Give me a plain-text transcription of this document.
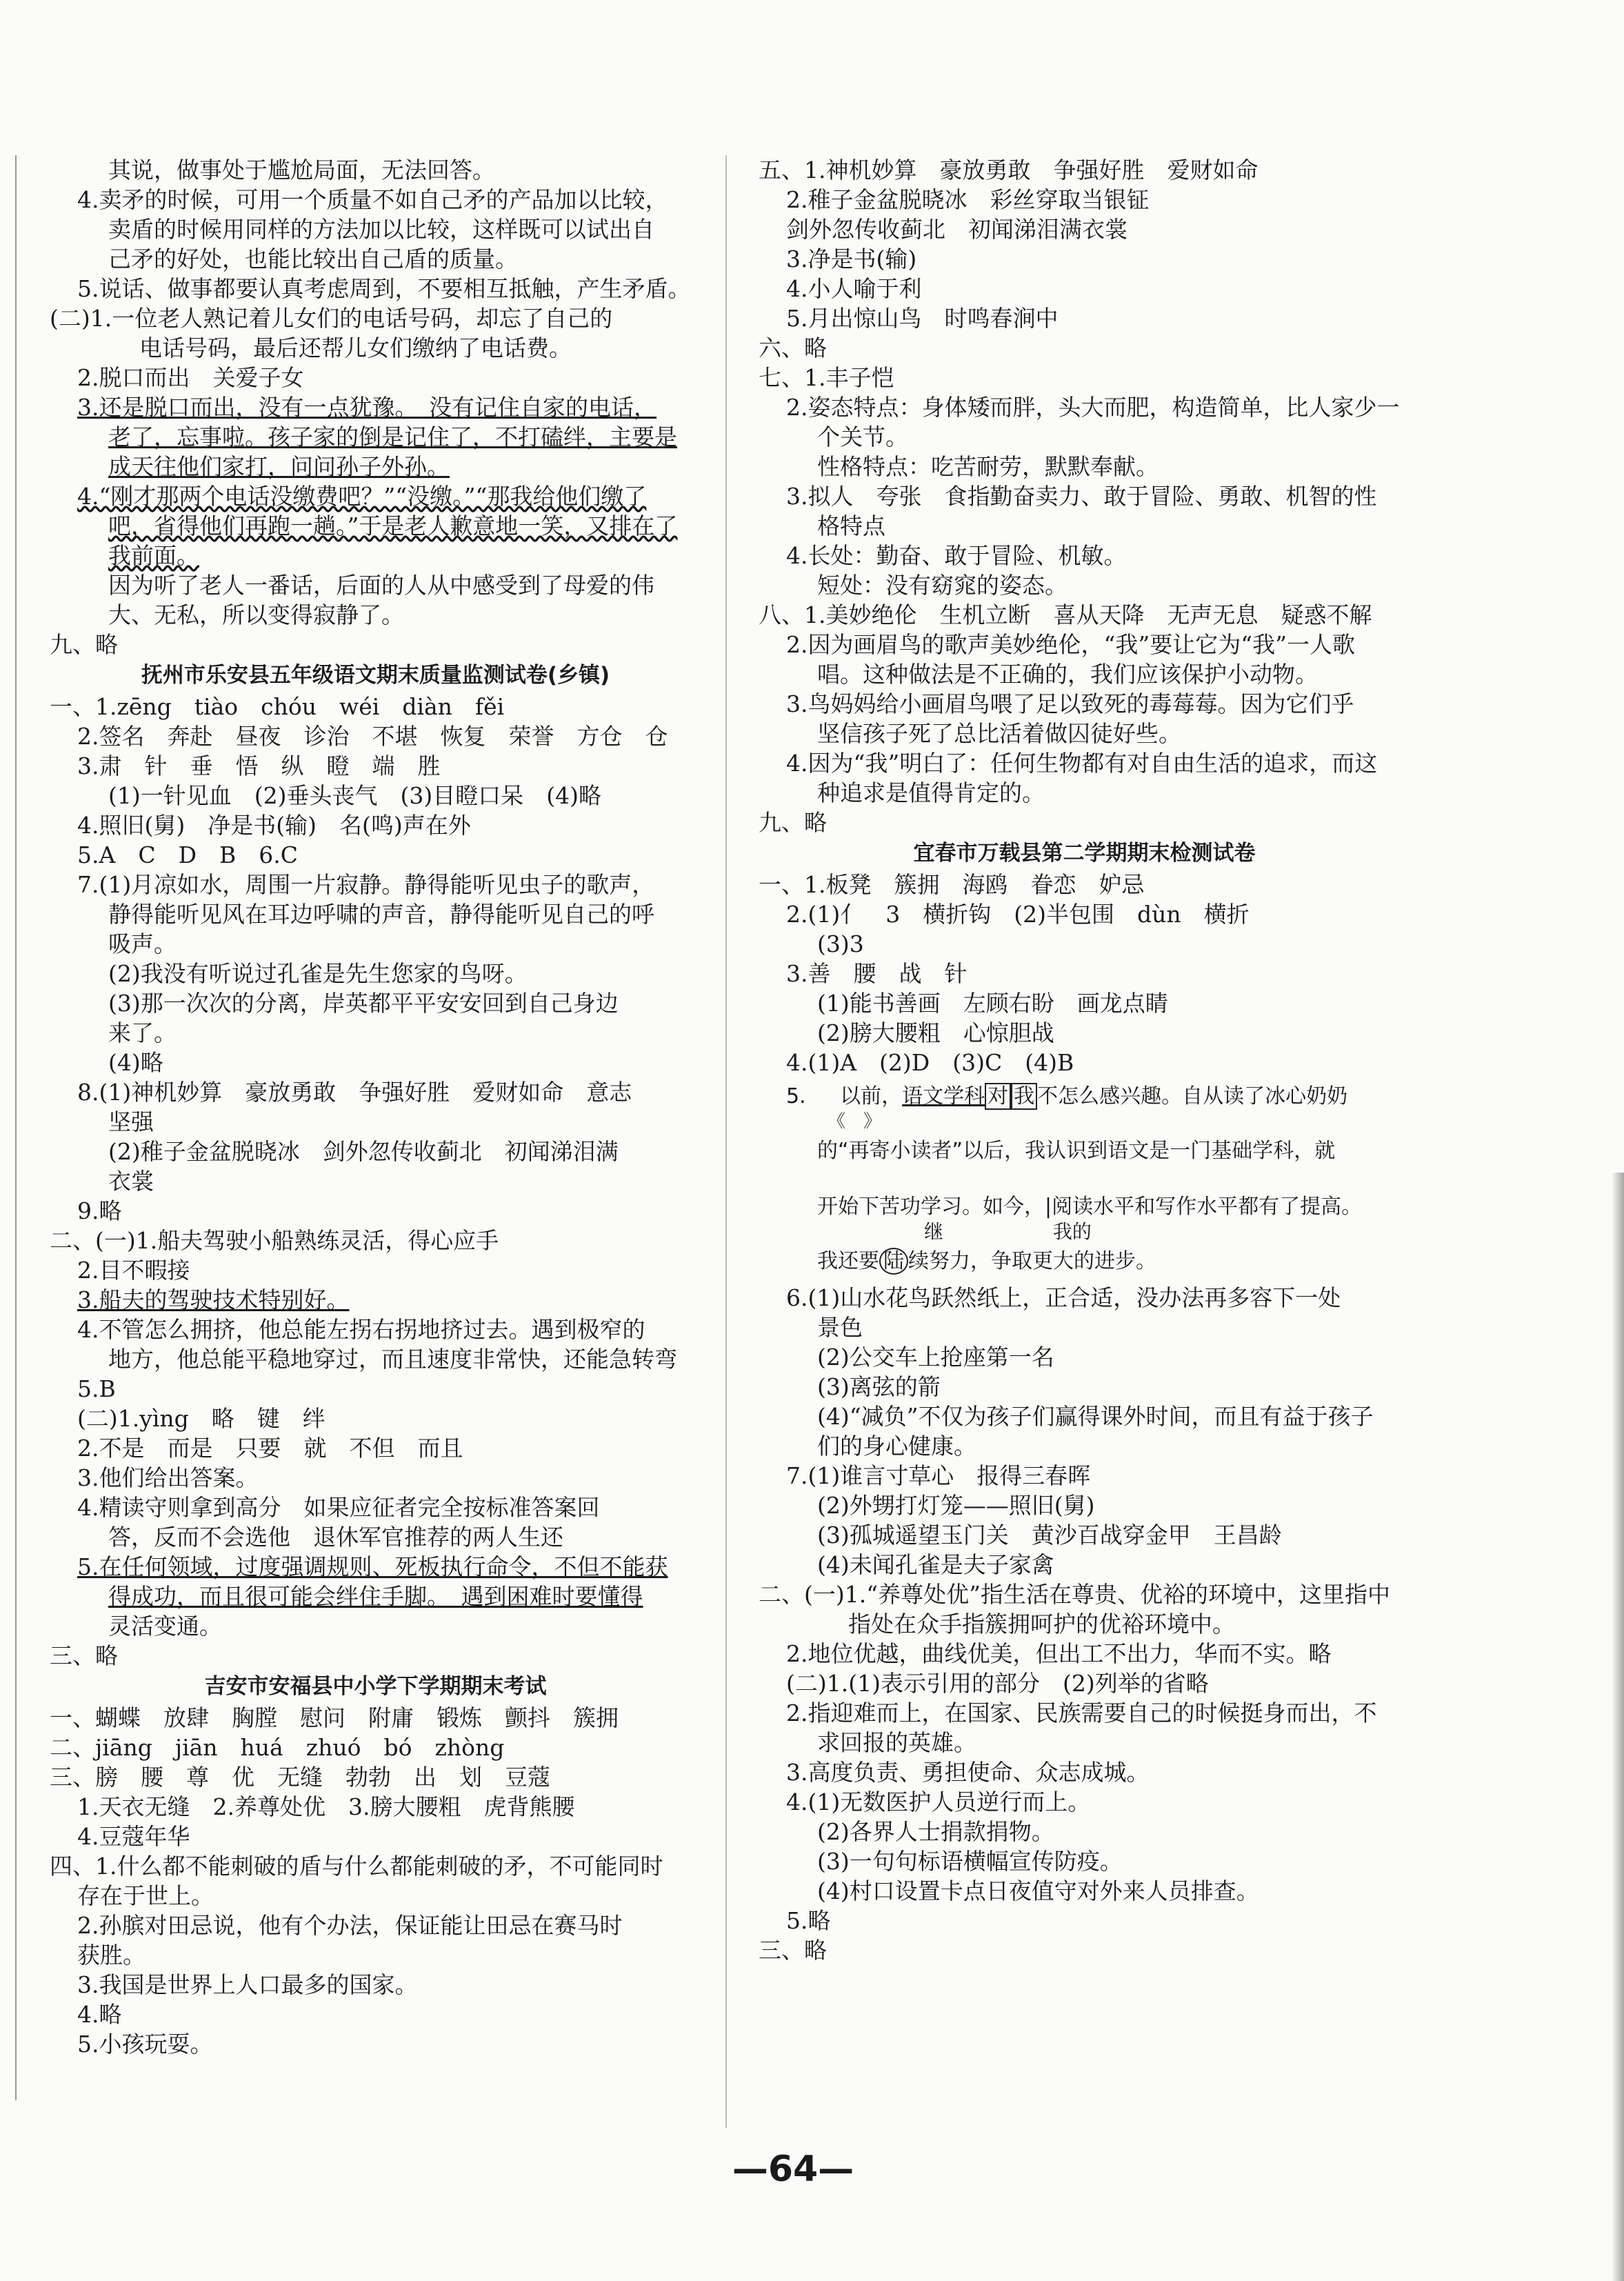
其说，做事处于尴尬局面，无法回答。
4.卖矛的时候，可用一个质量不如自己矛的产品加以比较，
卖盾的时候用同样的方法加以比较，这样既可以试出自
己矛的好处，也能比较出自己盾的质量。
5.说话、做事都要认真考虑周到，不要相互抵触，产生矛盾。
(二)1.一位老人熟记着儿女们的电话号码，却忘了自己的
电话号码，最后还帮儿女们缴纳了电话费。
2.脱口而出　关爱子女
3.还是脱口而出，没有一点犹豫。　没有记住自家的电话，
老了，忘事啦。孩子家的倒是记住了，不打磕绊，主要是
成天往他们家打，问问孙子外孙。
4.“刚才那两个电话没缴费吧？”“没缴。”“那我给他们缴了
吧，省得他们再跑一趟。”于是老人歉意地一笑，又排在了
我前面。
因为听了老人一番话，后面的人从中感受到了母爱的伟
大、无私，所以变得寂静了。
九、略
抚州市乐安县五年级语文期末质量监测试卷(乡镇)
一、1.zēng　tiào　chóu　wéi　diàn　fěi
2.签名　奔赴　昼夜　诊治　不堪　恢复　荣誉　方仓　仓
3.肃　针　垂　悟　纵　瞪　端　胜
(1)一针见血　(2)垂头丧气　(3)目瞪口呆　(4)略
4.照旧(舅)　净是书(输)　名(鸣)声在外
5.A　C　D　B　6.C
7.(1)月凉如水，周围一片寂静。静得能听见虫子的歌声，
静得能听见风在耳边呼啸的声音，静得能听见自己的呼
吸声。
(2)我没有听说过孔雀是先生您家的鸟呀。
(3)那一次次的分离，岸英都平平安安回到自己身边
来了。
(4)略
8.(1)神机妙算　豪放勇敢　争强好胜　爱财如命　意志
坚强
(2)稚子金盆脱晓冰　剑外忽传收蓟北　初闻涕泪满
衣裳
9.略
二、(一)1.船夫驾驶小船熟练灵活，得心应手
2.目不暇接
3.船夫的驾驶技术特别好。
4.不管怎么拥挤，他总能左拐右拐地挤过去。遇到极窄的
地方，他总能平稳地穿过，而且速度非常快，还能急转弯
5.B
(二)1.yìng　略　键　绊
2.不是　而是　只要　就　不但　而且
3.他们给出答案。
4.精读守则拿到高分　如果应征者完全按标准答案回
答，反而不会选他　退休军官推荐的两人生还
5.在任何领域，过度强调规则、死板执行命令，不但不能获
得成功，而且很可能会绊住手脚。　遇到困难时要懂得
灵活变通。
三、略
吉安市安福县中小学下学期期末考试
一、蝴蝶　放肆　胸膛　慰问　附庸　锻炼　颤抖　簇拥
二、jiāng　jiān　huá　zhuó　bó　zhòng
三、膀　腰　尊　优　无缝　勃勃　出　划　豆蔻
1.天衣无缝　2.养尊处优　3.膀大腰粗　虎背熊腰
4.豆蔻年华
四、1.什么都不能刺破的盾与什么都能刺破的矛，不可能同时
存在于世上。
2.孙膑对田忌说，他有个办法，保证能让田忌在赛马时
获胜。
3.我国是世界上人口最多的国家。
4.略
5.小孩玩耍。
五、1.神机妙算　豪放勇敢　争强好胜　爱财如命
2.稚子金盆脱晓冰　彩丝穿取当银钲
剑外忽传收蓟北　初闻涕泪满衣裳
3.净是书(输)
4.小人喻于利
5.月出惊山鸟　时鸣春涧中
六、略
七、1.丰子恺
2.姿态特点：身体矮而胖，头大而肥，构造简单，比人家少一
个关节。
性格特点：吃苦耐劳，默默奉献。
3.拟人　夸张　食指勤奋卖力、敢于冒险、勇敢、机智的性
格特点
4.长处：勤奋、敢于冒险、机敏。
短处：没有窈窕的姿态。
八、1.美妙绝伦　生机立断　喜从天降　无声无息　疑惑不解
2.因为画眉鸟的歌声美妙绝伦，“我”要让它为“我”一人歌
唱。这种做法是不正确的，我们应该保护小动物。
3.鸟妈妈给小画眉鸟喂了足以致死的毒莓莓。因为它们乎
坚信孩子死了总比活着做囚徒好些。
4.因为“我”明白了：任何生物都有对自由生活的追求，而这
种追求是值得肯定的。
九、略
宜春市万载县第二学期期末检测试卷
一、1.板凳　簇拥　海鸥　眷恋　妒忌
2.(1)亻　3　横折钩　(2)半包围　dùn　横折
(3)3
3.善　腰　战　针
(1)能书善画　左顾右盼　画龙点睛
(2)膀大腰粗　心惊胆战
4.(1)A　(2)D　(3)C　(4)B
5. 以前，语文学科 对 我 不怎么感兴趣。自从读了冰心奶奶
《　》
的“再寄小读者”以后，我认识到语文是一门基础学科，就
开始下苦功学习。如今，|阅读水平和写作水平都有了提高。
继	我的
我还要 陆 续努力，争取更大的进步。
6.(1)山水花鸟跃然纸上，正合适，没办法再多容下一处
景色
(2)公交车上抢座第一名
(3)离弦的箭
(4)“减负”不仅为孩子们赢得课外时间，而且有益于孩子
们的身心健康。
7.(1)谁言寸草心　报得三春晖
(2)外甥打灯笼——照旧(舅)
(3)孤城遥望玉门关　黄沙百战穿金甲　王昌龄
(4)未闻孔雀是夫子家禽
二、(一)1.“养尊处优”指生活在尊贵、优裕的环境中，这里指中
指处在众手指簇拥呵护的优裕环境中。
2.地位优越，曲线优美，但出工不出力，华而不实。略
(二)1.(1)表示引用的部分　(2)列举的省略
2.指迎难而上，在国家、民族需要自己的时候挺身而出，不
求回报的英雄。
3.高度负责、勇担使命、众志成城。
4.(1)无数医护人员逆行而上。
(2)各界人士捐款捐物。
(3)一句句标语横幅宣传防疫。
(4)村口设置卡点日夜值守对外来人员排查。
5.略
三、略
—64—
